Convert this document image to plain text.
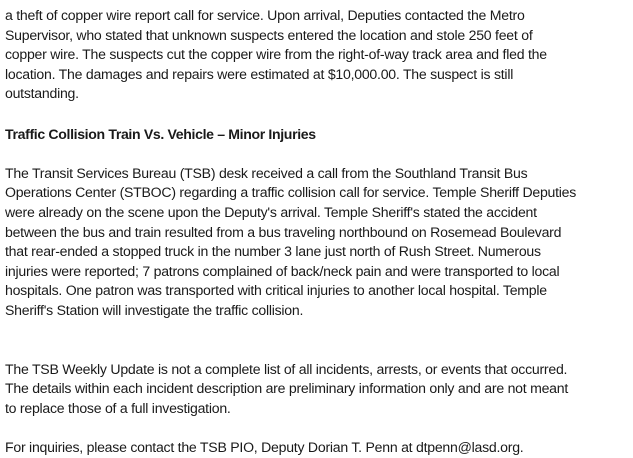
a theft of copper wire report call for service. Upon arrival, Deputies contacted the Metro
Supervisor, who stated that unknown suspects entered the location and stole 250 feet of
copper wire. The suspects cut the copper wire from the right-of-way track area and fled the
location. The damages and repairs were estimated at $10,000.00. The suspect is still
outstanding.

Traffic Collision Train Vs. Vehicle – Minor Injuries

The Transit Services Bureau (TSB) desk received a call from the Southland Transit Bus
Operations Center (STBOC) regarding a traffic collision call for service. Temple Sheriff Deputies
were already on the scene upon the Deputy's arrival. Temple Sheriff's stated the accident
between the bus and train resulted from a bus traveling northbound on Rosemead Boulevard
that rear-ended a stopped truck in the number 3 lane just north of Rush Street. Numerous
injuries were reported; 7 patrons complained of back/neck pain and were transported to local
hospitals. One patron was transported with critical injuries to another local hospital. Temple
Sheriff's Station will investigate the traffic collision.

The TSB Weekly Update is not a complete list of all incidents, arrests, or events that occurred.
The details within each incident description are preliminary information only and are not meant
to replace those of a full investigation.

For inquiries, please contact the TSB PIO, Deputy Dorian T. Penn at dtpenn@lasd.org.
